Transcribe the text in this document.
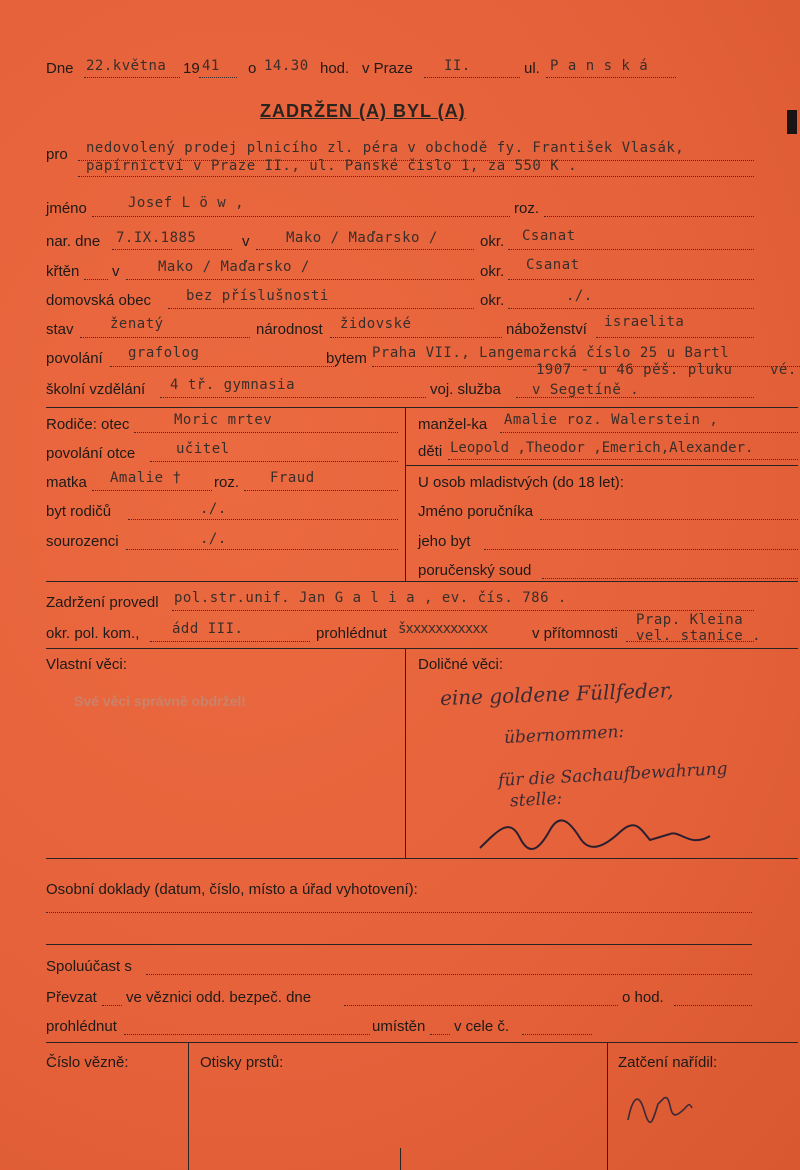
Dne 22.května 19 41 o 14.30 hod. v Praze II.	ul. P a n s k á
ZADRŽEN (A) BYL (A)
pro nedovolený prodej plnicího zl. péra v obchodě fy. František Vlasák,
papírnictví v Praze II., ul. Panské čislo 1, za 550 K .
jméno	Josef L ö w ,	roz.
nar. dne 7.IX.1885	v	Mako / Maďarsko /	okr. Csanat
křtěn v	Mako / Maďarsko /	okr. Csanat
domovská obec bez příslušnosti	okr.	./.
stav	ženatý	národnost židovské	náboženství israelita
povolání grafolog	bytem Praha VII., Langemarcká číslo 25 u Bartl
vé.
školní vzdělání 4 tř. gymnasia	voj. služba
1907 - u 46 pěš. pluku
v Segetíně .
Rodiče: otec	Moric mrtev
povolání otce	učitel
matka Amalie † roz. Fraud
byt rodičů	./.
sourozenci	./.
manžel-ka Amalie roz. Walerstein ,
děti Leopold ,Theodor ,Emerich,Alexander.
U osob mladistvých (do 18 let):
Jméno poručníka
jeho byt
poručenský soud
Zadržení provedl pol.str.unif. Jan G a l i a , ev. čís. 786 .
okr. pol. kom., ádd III.	prohlédnut šxxxxxxxxxxx	v přítomnosti
Prap. Kleina
vel. stanice .
Vlastní věci:
Své věci správně obdržel!
Doličné věci:
eine goldene Füllfeder,
übernommen:
für die Sachaufbewahrung
stelle:
Osobní doklady (datum, číslo, místo a úřad vyhotovení):
Spoluúčast s
Převzat ve věznici odd. bezpeč. dne	o hod.
prohlédnut	umístěn v cele č.
Číslo vězně:	Otisky prstů:	Zatčení nařídil:
